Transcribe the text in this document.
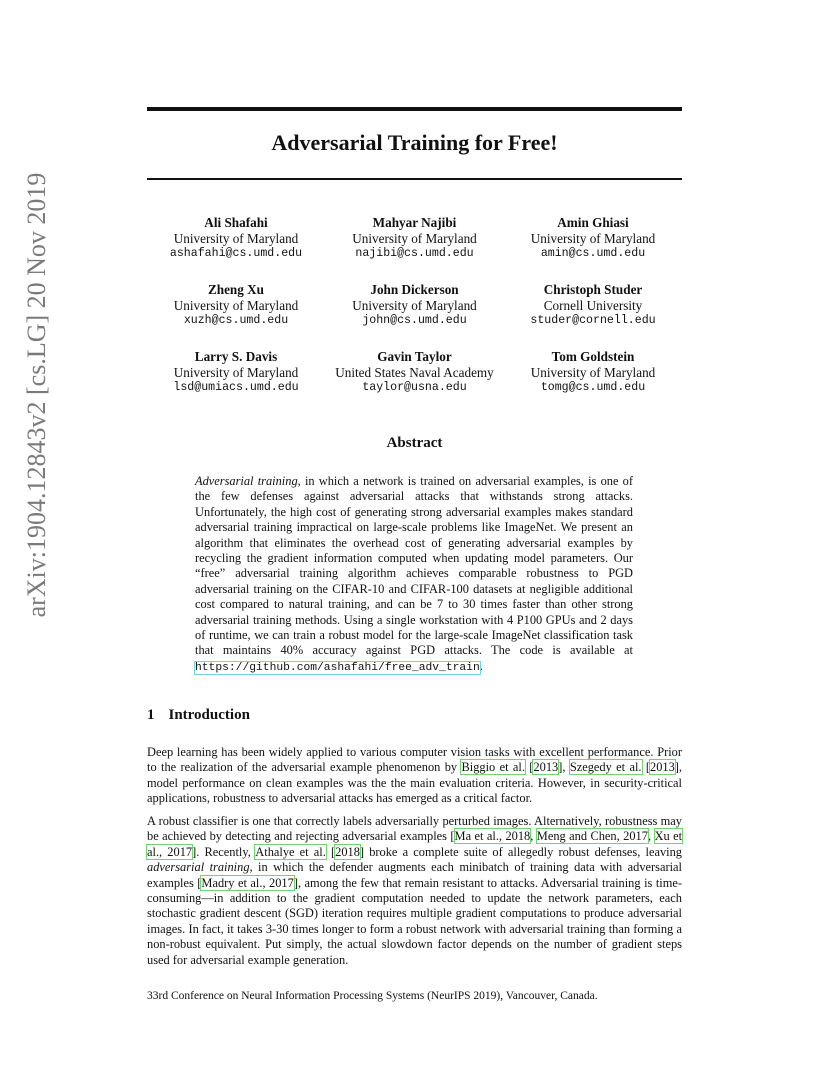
arXiv:1904.12843v2 [cs.LG] 20 Nov 2019
Adversarial Training for Free!
Ali Shafahi
University of Maryland
ashafahi@cs.umd.edu
Mahyar Najibi
University of Maryland
najibi@cs.umd.edu
Amin Ghiasi
University of Maryland
amin@cs.umd.edu
Zheng Xu
University of Maryland
xuzh@cs.umd.edu
John Dickerson
University of Maryland
john@cs.umd.edu
Christoph Studer
Cornell University
studer@cornell.edu
Larry S. Davis
University of Maryland
lsd@umiacs.umd.edu
Gavin Taylor
United States Naval Academy
taylor@usna.edu
Tom Goldstein
University of Maryland
tomg@cs.umd.edu
Abstract
Adversarial training, in which a network is trained on adversarial examples, is one of the few defenses against adversarial attacks that withstands strong attacks. Unfortunately, the high cost of generating strong adversarial examples makes standard adversarial training impractical on large-scale problems like ImageNet. We present an algorithm that eliminates the overhead cost of generating adversarial examples by recycling the gradient information computed when updating model parameters. Our “free” adversarial training algorithm achieves comparable robustness to PGD adversarial training on the CIFAR-10 and CIFAR-100 datasets at negligible additional cost compared to natural training, and can be 7 to 30 times faster than other strong adversarial training methods. Using a single workstation with 4 P100 GPUs and 2 days of runtime, we can train a robust model for the large-scale ImageNet classification task that maintains 40% accuracy against PGD attacks. The code is available at https://github.com/ashafahi/free_adv_train.
1 Introduction
Deep learning has been widely applied to various computer vision tasks with excellent performance. Prior to the realization of the adversarial example phenomenon by Biggio et al. [2013], Szegedy et al. [2013], model performance on clean examples was the the main evaluation criteria. However, in security-critical applications, robustness to adversarial attacks has emerged as a critical factor.
A robust classifier is one that correctly labels adversarially perturbed images. Alternatively, robustness may be achieved by detecting and rejecting adversarial examples [Ma et al., 2018, Meng and Chen, 2017, Xu et al., 2017]. Recently, Athalye et al. [2018] broke a complete suite of allegedly robust defenses, leaving adversarial training, in which the defender augments each minibatch of training data with adversarial examples [Madry et al., 2017], among the few that remain resistant to attacks. Adversarial training is time-consuming—in addition to the gradient computation needed to update the network parameters, each stochastic gradient descent (SGD) iteration requires multiple gradient computations to produce adversarial images. In fact, it takes 3-30 times longer to form a robust network with adversarial training than forming a non-robust equivalent. Put simply, the actual slowdown factor depends on the number of gradient steps used for adversarial example generation.
33rd Conference on Neural Information Processing Systems (NeurIPS 2019), Vancouver, Canada.
